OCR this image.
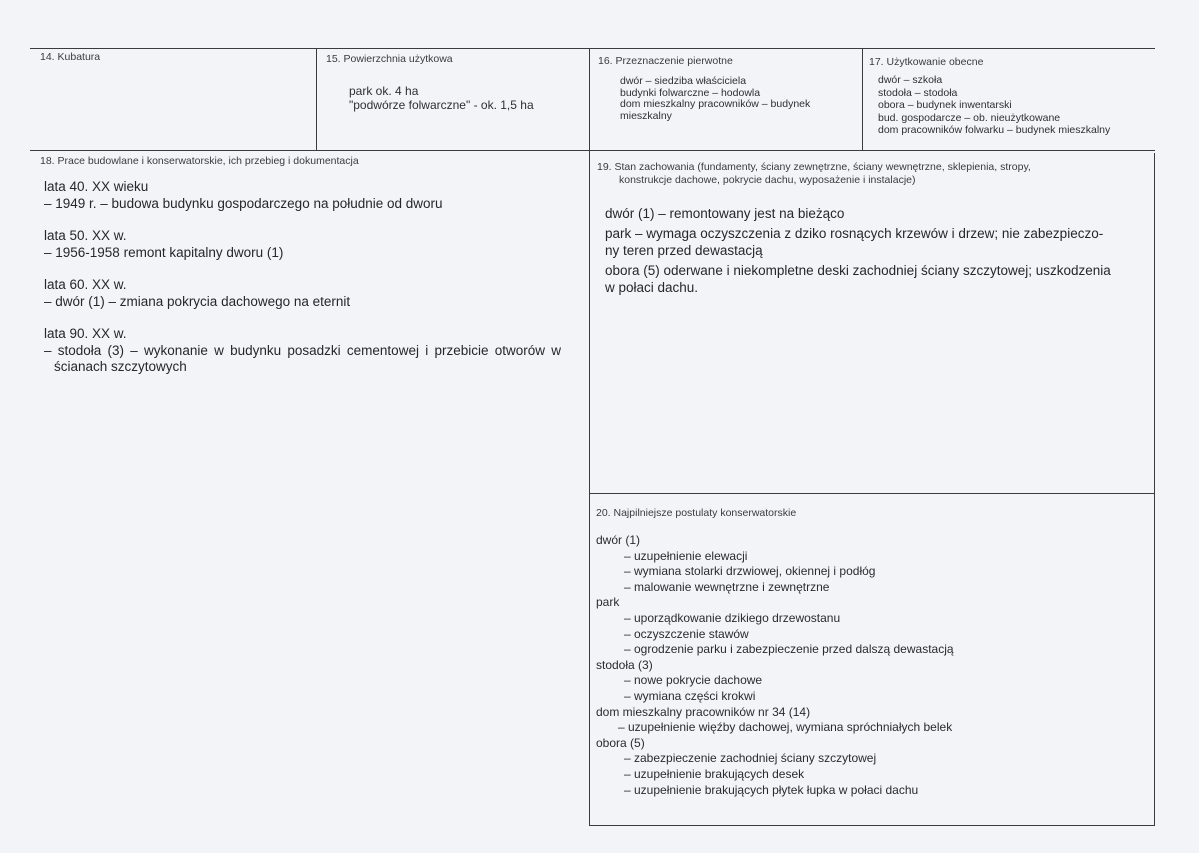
14. Kubatura	15. Powierzchnia użytkowa
park ok. 4 ha
"podwórze folwarczne" - ok. 1,5 ha
16. Przeznaczenie pierwotne
dwór – siedziba właściciela
budynki folwarczne – hodowla
dom mieszkalny pracowników – budynek
mieszkalny
17. Użytkowanie obecne
dwór – szkoła
stodoła – stodoła
obora – budynek inwentarski
bud. gospodarcze – ob. nieużytkowane
dom pracowników folwarku – budynek mieszkalny
18. Prace budowlane i konserwatorskie, ich przebieg i dokumentacja
lata 40. XX wieku
– 1949 r. – budowa budynku gospodarczego na południe od dworu
lata 50. XX w.
– 1956-1958 remont kapitalny dworu (1)
lata 60. XX w.
– dwór (1) – zmiana pokrycia dachowego na eternit
lata 90. XX w.
– stodoła (3) – wykonanie w budynku posadzki cementowej i przebicie otworów w
ścianach szczytowych
19. Stan zachowania (fundamenty, ściany zewnętrzne, ściany wewnętrzne, sklepienia, stropy,
konstrukcje dachowe, pokrycie dachu, wyposażenie i instalacje)
dwór (1) – remontowany jest na bieżąco
park – wymaga oczyszczenia z dziko rosnących krzewów i drzew; nie zabezpieczo-
ny teren przed dewastacją
obora (5) oderwane i niekompletne deski zachodniej ściany szczytowej; uszkodzenia
w połaci dachu.
20. Najpilniejsze postulaty konserwatorskie
dwór (1)
– uzupełnienie elewacji
– wymiana stolarki drzwiowej, okiennej i podłóg
– malowanie wewnętrzne i zewnętrzne
park
– uporządkowanie dzikiego drzewostanu
– oczyszczenie stawów
– ogrodzenie parku i zabezpieczenie przed dalszą dewastacją
stodoła (3)
– nowe pokrycie dachowe
– wymiana części krokwi
dom mieszkalny pracowników nr 34 (14)
– uzupełnienie więźby dachowej, wymiana spróchniałych belek
obora (5)
– zabezpieczenie zachodniej ściany szczytowej
– uzupełnienie brakujących desek
– uzupełnienie brakujących płytek łupka w połaci dachu
